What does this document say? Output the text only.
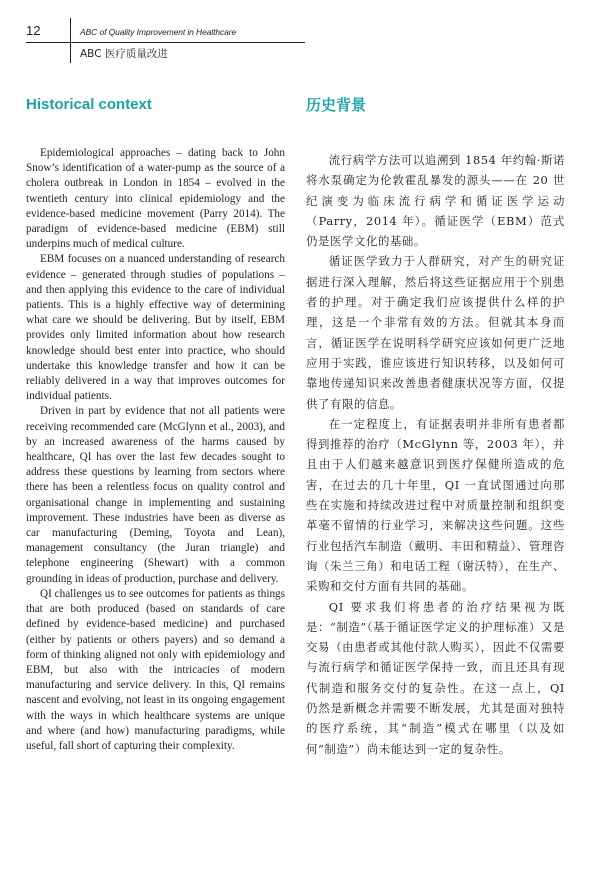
12	ABC of Quality Improvement in Healthcare
ABC 医疗质量改进
Historical context

Epidemiological approaches – dating back to John Snow’s identification of a water-pump as the source of a cholera outbreak in London in 1854 – evolved in the twentieth century into clinical epidemiology and the evidence-based medicine movement (Parry 2014). The paradigm of evidence-based medicine (EBM) still underpins much of medical culture.

EBM focuses on a nuanced understanding of research evidence – generated through studies of populations – and then applying this evidence to the care of individual patients. This is a highly effective way of determining what care we should be delivering. But by itself, EBM provides only limited information about how research knowledge should best enter into practice, who should undertake this knowledge transfer and how it can be reliably delivered in a way that improves outcomes for individual patients.

Driven in part by evidence that not all patients were receiving recommended care (McGlynn et al., 2003), and by an increased awareness of the harms caused by healthcare, QI has over the last few decades sought to address these questions by learning from sectors where there has been a relentless focus on quality control and organisational change in implementing and sustaining improvement. These industries have been as diverse as car manufacturing (Deming, Toyota and Lean), management consultancy (the Juran triangle) and telephone engineering (Shewart) with a common grounding in ideas of production, purchase and delivery.

QI challenges us to see outcomes for patients as things that are both produced (based on standards of care defined by evidence-based medicine) and purchased (either by patients or others payers) and so demand a form of thinking aligned not only with epidemiology and EBM, but also with the intricacies of modern manufacturing and service delivery. In this, QI remains nascent and evolving, not least in its ongoing engagement with the ways in which healthcare systems are unique and where (and how) manufacturing paradigms, while useful, fall short of capturing their complexity.

历史背景

流行病学方法可以追溯到 1854 年约翰·斯诺将水泵确定为伦敦霍乱暴发的源头——在 20 世纪演变为临床流行病学和循证医学运动（Parry，2014 年）。循证医学（EBM）范式仍是医学文化的基础。

循证医学致力于人群研究，对产生的研究证据进行深入理解，然后将这些证据应用于个别患者的护理。对于确定我们应该提供什么样的护理，这是一个非常有效的方法。但就其本身而言，循证医学在说明科学研究应该如何更广泛地应用于实践，谁应该进行知识转移，以及如何可靠地传递知识来改善患者健康状况等方面，仅提供了有限的信息。

在一定程度上，有证据表明并非所有患者都得到推荐的治疗（McGlynn 等，2003 年），并且由于人们越来越意识到医疗保健所造成的危害，在过去的几十年里，QI 一直试图通过向那些在实施和持续改进过程中对质量控制和组织变革毫不留情的行业学习，来解决这些问题。这些行业包括汽车制造（戴明、丰田和精益）、管理咨询（朱兰三角）和电话工程（谢沃特），在生产、采购和交付方面有共同的基础。

QI 要求我们将患者的治疗结果视为既是：“制造”（基于循证医学定义的护理标准）又是交易（由患者或其他付款人购买），因此不仅需要与流行病学和循证医学保持一致，而且还具有现代制造和服务交付的复杂性。在这一点上，QI 仍然是新概念并需要不断发展，尤其是面对独特的医疗系统，其“制造”模式在哪里（以及如何“制造”）尚未能达到一定的复杂性。
